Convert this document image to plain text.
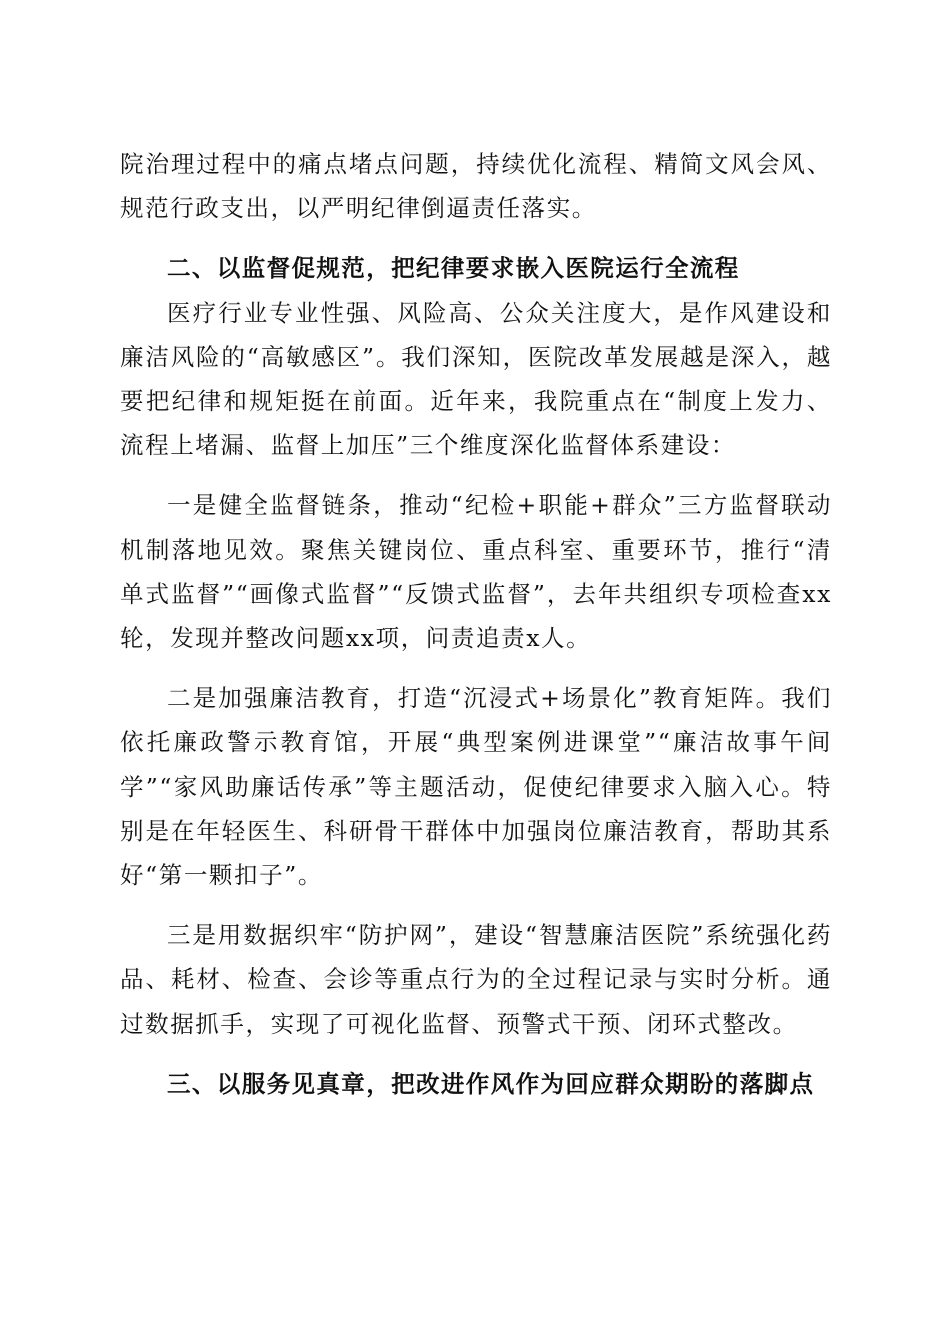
院治理过程中的痛点堵点问题，持续优化流程、精简文风会风、规范行政支出，以严明纪律倒逼责任落实。

二、以监督促规范，把纪律要求嵌入医院运行全流程

医疗行业专业性强、风险高、公众关注度大，是作风建设和廉洁风险的“高敏感区”。我们深知，医院改革发展越是深入，越要把纪律和规矩挺在前面。近年来，我院重点在“制度上发力、流程上堵漏、监督上加压”三个维度深化监督体系建设：

一是健全监督链条，推动“纪检+职能+群众”三方监督联动机制落地见效。聚焦关键岗位、重点科室、重要环节，推行“清单式监督”“画像式监督”“反馈式监督”，去年共组织专项检查xx轮，发现并整改问题xx项，问责追责x人。

二是加强廉洁教育，打造“沉浸式+场景化”教育矩阵。我们依托廉政警示教育馆，开展“典型案例进课堂”“廉洁故事午间学”“家风助廉话传承”等主题活动，促使纪律要求入脑入心。特别是在年轻医生、科研骨干群体中加强岗位廉洁教育，帮助其系好“第一颗扣子”。

三是用数据织牢“防护网”，建设“智慧廉洁医院”系统强化药品、耗材、检查、会诊等重点行为的全过程记录与实时分析。通过数据抓手，实现了可视化监督、预警式干预、闭环式整改。

三、以服务见真章，把改进作风作为回应群众期盼的落脚点
